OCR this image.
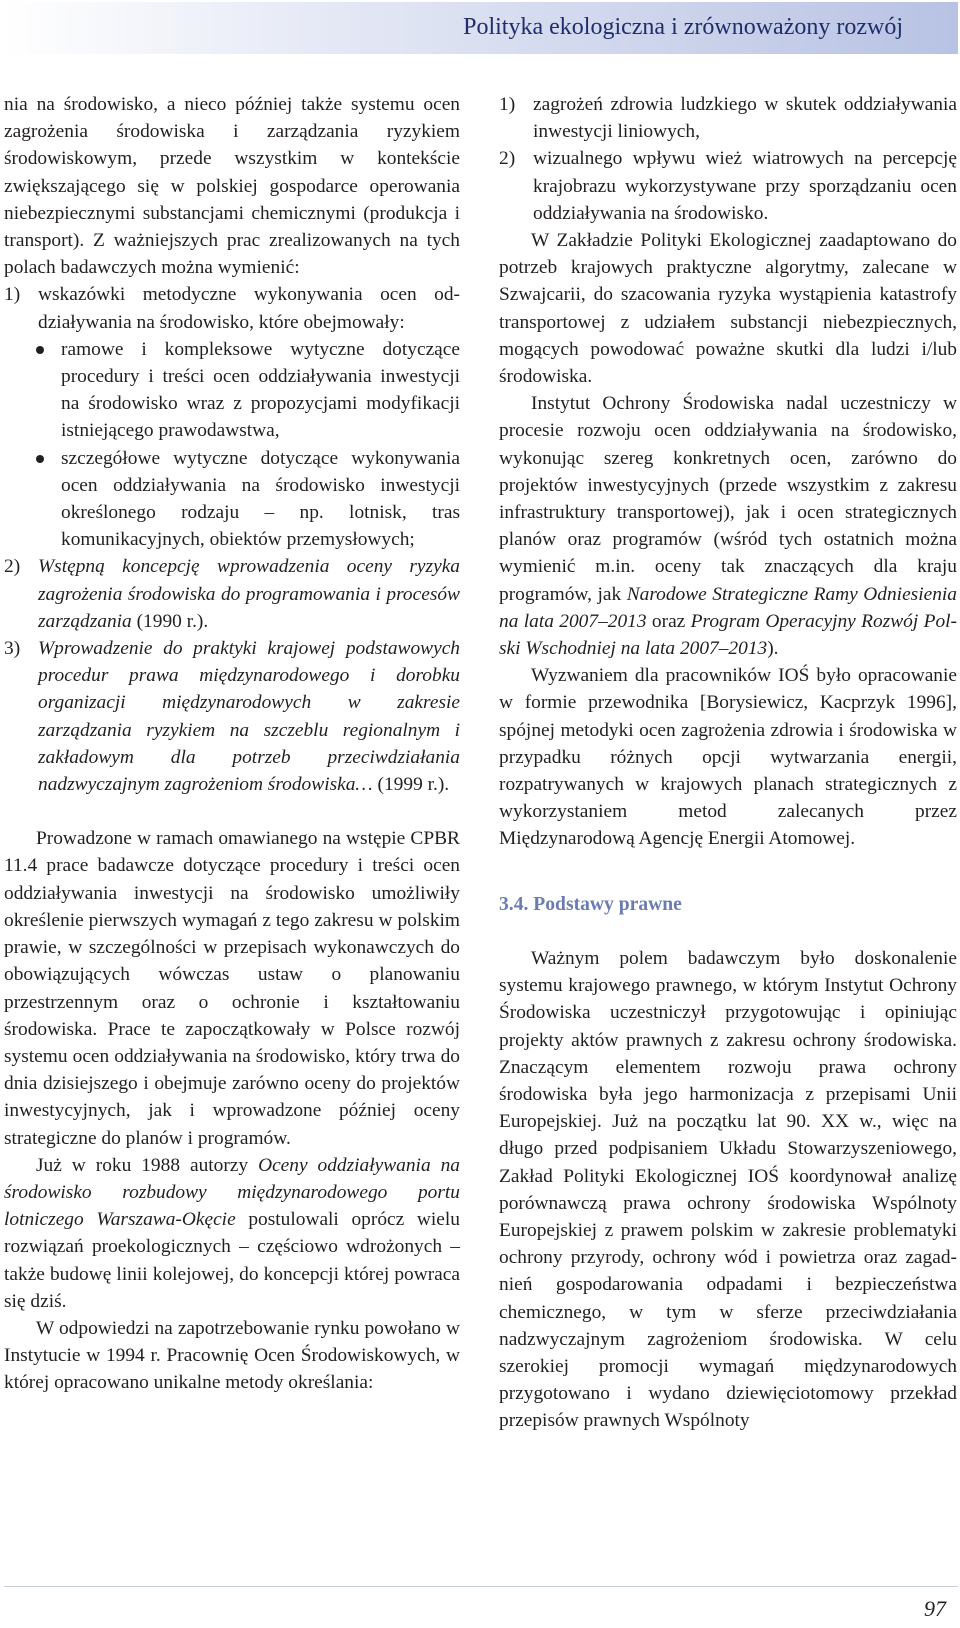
Polityka ekologiczna i zrównoważony rozwój

nia na środowisko, a nieco później także systemu ocen zagrożenia środowiska i zarządzania ryzykiem środowiskowym, przede wszystkim w kontekście zwiększającego się w polskiej gospodarce operowania niebezpiecznymi substancjami chemicznymi (produkcja i transport). Z ważniejszych prac zrealizowanych na tych polach badawczych można wymienić:

1) wskazówki metodyczne wykonywania ocen oddziaływania na środowisko, które obejmowały:

ramowe i kompleksowe wytyczne dotyczące procedury i treści ocen oddziaływania inwestycji na środowisko wraz z propozycjami modyfikacji istniejącego prawodawstwa,

szczegółowe wytyczne dotyczące wykonywania ocen oddziaływania na środowisko inwestycji określonego rodzaju – np. lotnisk, tras komunikacyjnych, obiektów przemysłowych;

2) Wstępną koncepcję wprowadzenia oceny ryzyka zagrożenia środowiska do programowania i procesów zarządzania (1990 r.).

3) Wprowadzenie do praktyki krajowej podstawowych procedur prawa międzynarodowego i dorobku organizacji międzynarodowych w zakresie zarządzania ryzykiem na szczeblu regionalnym i zakładowym dla potrzeb przeciwdziałania nadzwyczajnym zagrożeniom środowiska… (1999 r.).

Prowadzone w ramach omawianego na wstępie CPBR 11.4 prace badawcze dotyczące procedury i treści ocen oddziaływania inwestycji na środowisko umożliwiły określenie pierwszych wymagań z tego zakresu w polskim prawie, w szczególności w przepisach wykonawczych do obowiązujących wówczas ustaw o planowaniu przestrzennym oraz o ochronie i kształtowaniu środowiska. Prace te zapoczątkowały w Polsce rozwój systemu ocen oddziaływania na środowisko, który trwa do dnia dzisiejszego i obejmuje zarówno oceny do projektów inwestycyjnych, jak i wprowadzone później oceny strategiczne do planów i programów.

Już w roku 1988 autorzy Oceny oddziaływania na środowisko rozbudowy międzynarodowego portu lotniczego Warszawa-Okęcie postulowali oprócz wielu rozwiązań proekologicznych – częściowo wdrożonych – także budowę linii kolejowej, do koncepcji której powraca się dziś.

W odpowiedzi na zapotrzebowanie rynku powołano w Instytucie w 1994 r. Pracownię Ocen Środowiskowych, w której opracowano unikalne metody określania:

1) zagrożeń zdrowia ludzkiego w skutek oddziaływania inwestycji liniowych,

2) wizualnego wpływu wież wiatrowych na percepcję krajobrazu wykorzystywane przy sporządzaniu ocen oddziaływania na środowisko.

W Zakładzie Polityki Ekologicznej zaadaptowano do potrzeb krajowych praktyczne algorytmy, zalecane w Szwajcarii, do szacowania ryzyka wystąpienia katastrofy transportowej z udziałem substancji niebezpiecznych, mogących powodować poważne skutki dla ludzi i/lub środowiska.

Instytut Ochrony Środowiska nadal uczestniczy w procesie rozwoju ocen oddziaływania na środowisko, wykonując szereg konkretnych ocen, zarówno do projektów inwestycyjnych (przede wszystkim z zakresu infrastruktury transportowej), jak i ocen strategicznych planów oraz programów (wśród tych ostatnich można wymienić m.in. oceny tak znaczących dla kraju programów, jak Narodowe Strategiczne Ramy Odniesienia na lata 2007–2013 oraz Program Operacyjny Rozwój Polski Wschodniej na lata 2007–2013).

Wyzwaniem dla pracowników IOŚ było opracowanie w formie przewodnika [Borysiewicz, Kacprzyk 1996], spójnej metodyki ocen zagrożenia zdrowia i środowiska w przypadku różnych opcji wytwarzania energii, rozpatrywanych w krajowych planach strategicznych z wykorzystaniem metod zalecanych przez Międzynarodową Agencję Energii Atomowej.

3.4. Podstawy prawne

Ważnym polem badawczym było doskonalenie systemu krajowego prawnego, w którym Instytut Ochrony Środowiska uczestniczył przygotowując i opiniując projekty aktów prawnych z zakresu ochrony środowiska. Znaczącym elementem rozwoju prawa ochrony środowiska była jego harmonizacja z przepisami Unii Europejskiej. Już na początku lat 90. XX w., więc na długo przed podpisaniem Układu Stowarzyszeniowego, Zakład Polityki Ekologicznej IOŚ koordynował analizę porównawczą prawa ochrony środowiska Wspólnoty Europejskiej z prawem polskim w zakresie problematyki ochrony przyrody, ochrony wód i powietrza oraz zagadnień gospodarowania odpadami i bezpieczeństwa chemicznego, w tym w sferze przeciwdziałania nadzwyczajnym zagrożeniom środowiska. W celu szerokiej promocji wymagań międzynarodowych przygotowano i wydano dziewięciotomowy przekład przepisów prawnych Wspólnoty

97
